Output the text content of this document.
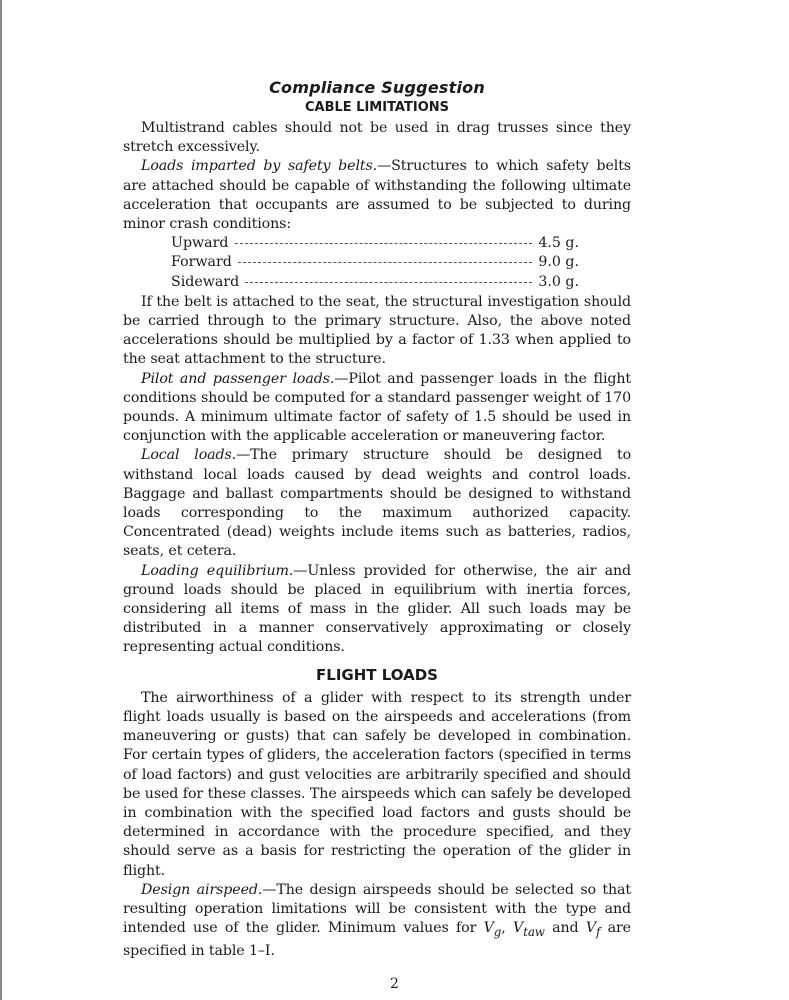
Compliance Suggestion
CABLE LIMITATIONS

Multistrand cables should not be used in drag trusses since they stretch excessively.

Loads imparted by safety belts.—Structures to which safety belts are attached should be capable of withstanding the following ultimate acceleration that occupants are assumed to be subjected to during minor crash conditions:

Upward	4.5 g.
Forward	9.0 g.
Sideward	3.0 g.

If the belt is attached to the seat, the structural investigation should be carried through to the primary structure. Also, the above noted accelerations should be multiplied by a factor of 1.33 when applied to the seat attachment to the structure.

Pilot and passenger loads.—Pilot and passenger loads in the flight conditions should be computed for a standard passenger weight of 170 pounds. A minimum ultimate factor of safety of 1.5 should be used in conjunction with the applicable acceleration or maneuvering factor.

Local loads.—The primary structure should be designed to withstand local loads caused by dead weights and control loads. Baggage and ballast compartments should be designed to withstand loads corresponding to the maximum authorized capacity. Concentrated (dead) weights include items such as batteries, radios, seats, et cetera.

Loading equilibrium.—Unless provided for otherwise, the air and ground loads should be placed in equilibrium with inertia forces, considering all items of mass in the glider. All such loads may be distributed in a manner conservatively approximating or closely representing actual conditions.

FLIGHT LOADS

The airworthiness of a glider with respect to its strength under flight loads usually is based on the airspeeds and accelerations (from maneuvering or gusts) that can safely be developed in combination. For certain types of gliders, the acceleration factors (specified in terms of load factors) and gust velocities are arbitrarily specified and should be used for these classes. The airspeeds which can safely be developed in combination with the specified load factors and gusts should be determined in accordance with the procedure specified, and they should serve as a basis for restricting the operation of the glider in flight.

Design airspeed.—The design airspeeds should be selected so that resulting operation limitations will be consistent with the type and intended use of the glider. Minimum values for $V_g$, $V_{taw}$ and $V_f$ are specified in table 1–I.

2
